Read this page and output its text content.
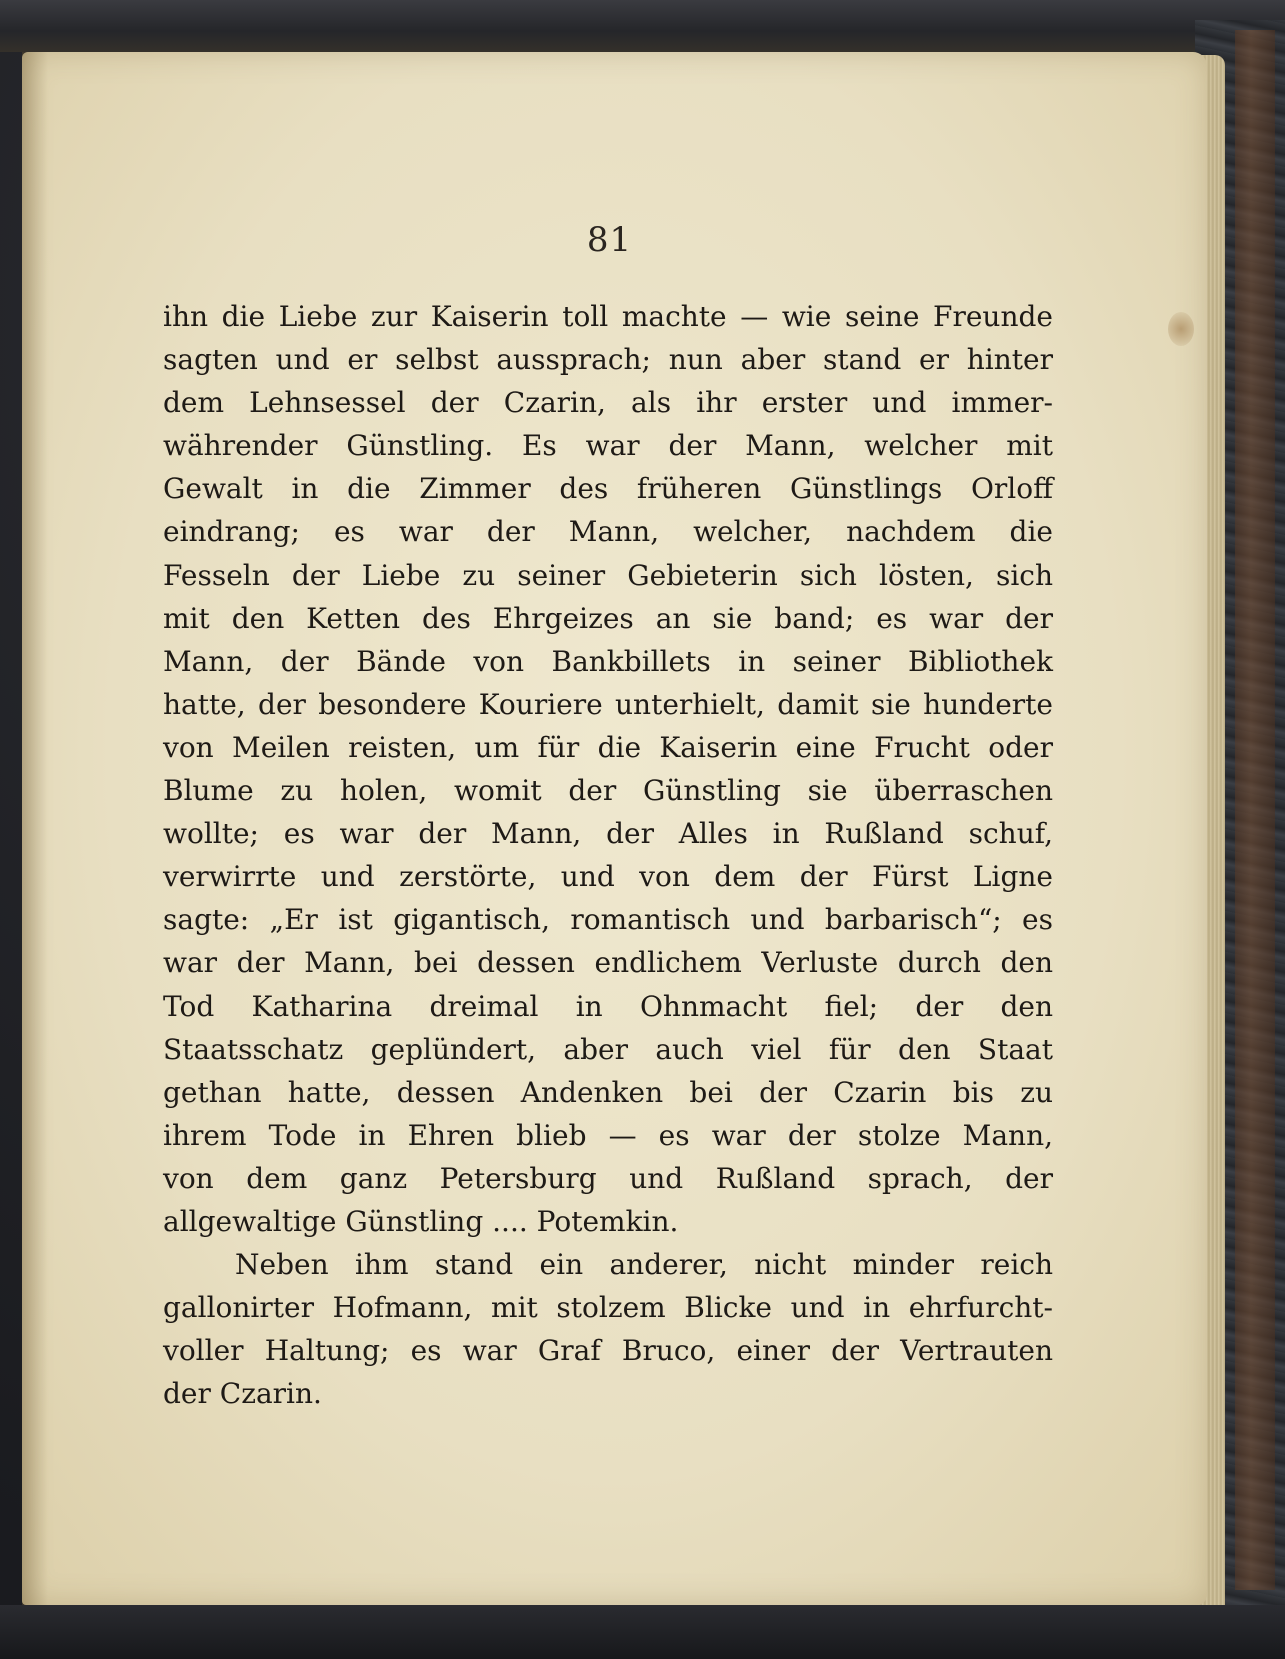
81
ihn die Liebe zur Kaiserin toll machte — wie seine Freunde
sagten und er selbst aussprach; nun aber stand er hinter
dem Lehnsessel der Czarin, als ihr erster und immer-
währender Günstling. Es war der Mann, welcher mit
Gewalt in die Zimmer des früheren Günstlings Orloff
eindrang; es war der Mann, welcher, nachdem die
Fesseln der Liebe zu seiner Gebieterin sich lösten, sich
mit den Ketten des Ehrgeizes an sie band; es war der
Mann, der Bände von Bankbillets in seiner Bibliothek
hatte, der besondere Kouriere unterhielt, damit sie hunderte
von Meilen reisten, um für die Kaiserin eine Frucht oder
Blume zu holen, womit der Günstling sie überraschen
wollte; es war der Mann, der Alles in Rußland schuf,
verwirrte und zerstörte, und von dem der Fürst Ligne
sagte: „Er ist gigantisch, romantisch und barbarisch“; es
war der Mann, bei dessen endlichem Verluste durch den
Tod Katharina dreimal in Ohnmacht fiel; der den
Staatsschatz geplündert, aber auch viel für den Staat
gethan hatte, dessen Andenken bei der Czarin bis zu
ihrem Tode in Ehren blieb — es war der stolze Mann,
von dem ganz Petersburg und Rußland sprach, der
allgewaltige Günstling .... Potemkin.
Neben ihm stand ein anderer, nicht minder reich
gallonirter Hofmann, mit stolzem Blicke und in ehrfurcht-
voller Haltung; es war Graf Bruco, einer der Vertrauten
der Czarin.
